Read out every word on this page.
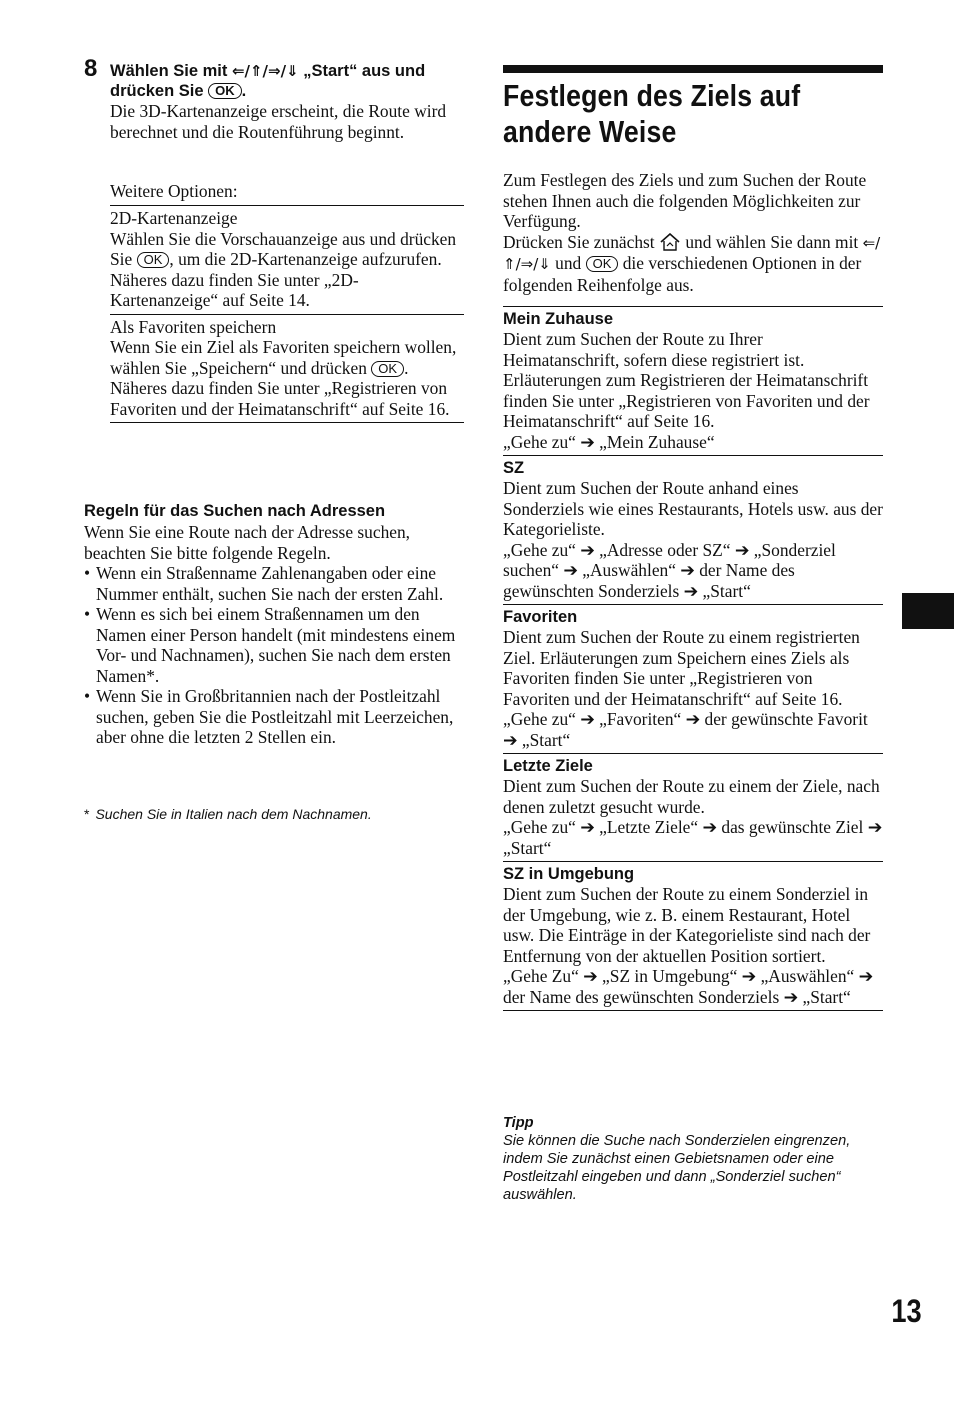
8 Wählen Sie mit ⇐/⇑/⇒/⇓ „Start“ aus und drücken Sie OK .
Die 3D-Kartenanzeige erscheint, die Route wird berechnet und die Routenführung beginnt.
Weitere Optionen:
2D-Kartenanzeige
Wählen Sie die Vorschauanzeige aus und drücken Sie OK , um die 2D-Kartenanzeige aufzurufen.
Näheres dazu finden Sie unter „2D-Kartenanzeige“ auf Seite 14.
Als Favoriten speichern
Wenn Sie ein Ziel als Favoriten speichern wollen, wählen Sie „Speichern“ und drücken OK .
Näheres dazu finden Sie unter „Registrieren von Favoriten und der Heimatanschrift“ auf Seite 16.
Regeln für das Suchen nach Adressen
Wenn Sie eine Route nach der Adresse suchen, beachten Sie bitte folgende Regeln.
• Wenn ein Straßenname Zahlenangaben oder eine Nummer enthält, suchen Sie nach der ersten Zahl.
• Wenn es sich bei einem Straßennamen um den Namen einer Person handelt (mit mindestens einem Vor- und Nachnamen), suchen Sie nach dem ersten Namen*.
• Wenn Sie in Großbritannien nach der Postleitzahl suchen, geben Sie die Postleitzahl mit Leerzeichen, aber ohne die letzten 2 Stellen ein.
* Suchen Sie in Italien nach dem Nachnamen.
Festlegen des Ziels auf andere Weise
Zum Festlegen des Ziels und zum Suchen der Route stehen Ihnen auch die folgenden Möglichkeiten zur Verfügung.
Drücken Sie zunächst  und wählen Sie dann mit ⇐/⇑/⇒/⇓ und OK die verschiedenen Optionen in der folgenden Reihenfolge aus.
Mein Zuhause
Dient zum Suchen der Route zu Ihrer Heimatanschrift, sofern diese registriert ist. Erläuterungen zum Registrieren der Heimatanschrift finden Sie unter „Registrieren von Favoriten und der Heimatanschrift“ auf Seite 16.
„Gehe zu“ ➔ „Mein Zuhause“
SZ
Dient zum Suchen der Route anhand eines Sonderziels wie eines Restaurants, Hotels usw. aus der Kategorieliste.
„Gehe zu“ ➔ „Adresse oder SZ“ ➔ „Sonderziel suchen“ ➔ „Auswählen“ ➔ der Name des gewünschten Sonderziels ➔ „Start“
Favoriten
Dient zum Suchen der Route zu einem registrierten Ziel. Erläuterungen zum Speichern eines Ziels als Favoriten finden Sie unter „Registrieren von Favoriten und der Heimatanschrift“ auf Seite 16.
„Gehe zu“ ➔ „Favoriten“ ➔ der gewünschte Favorit ➔ „Start“
Letzte Ziele
Dient zum Suchen der Route zu einem der Ziele, nach denen zuletzt gesucht wurde.
„Gehe zu“ ➔ „Letzte Ziele“ ➔ das gewünschte Ziel ➔ „Start“
SZ in Umgebung
Dient zum Suchen der Route zu einem Sonderziel in der Umgebung, wie z. B. einem Restaurant, Hotel usw. Die Einträge in der Kategorieliste sind nach der Entfernung von der aktuellen Position sortiert.
„Gehe Zu“ ➔ „SZ in Umgebung“ ➔ „Auswählen“ ➔ der Name des gewünschten Sonderziels ➔ „Start“
Tipp
Sie können die Suche nach Sonderzielen eingrenzen, indem Sie zunächst einen Gebietsnamen oder eine Postleitzahl eingeben und dann „Sonderziel suchen“ auswählen.
13
